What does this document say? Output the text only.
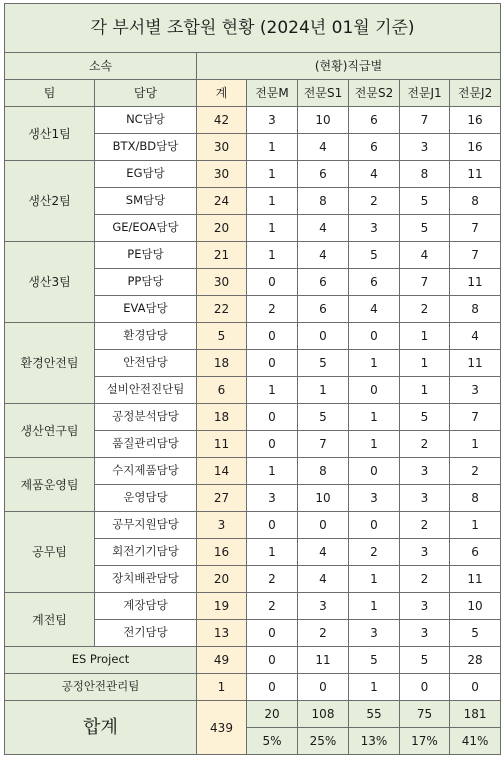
각 부서별 조합원 현황 (2024년 01월 기준)							
소속		(현황)직급별					
팀	담당	계	전문M	전문S1	전문S2	전문J1	전문J2
생산1팀	NC담당	42	3	10	6	7	16
	BTX/BD담당	30	1	4	6	3	16
생산2팀	EG담당	30	1	6	4	8	11
	SM담당	24	1	8	2	5	8
	GE/EOA담당	20	1	4	3	5	7
생산3팀	PE담당	21	1	4	5	4	7
	PP담당	30	0	6	6	7	11
	EVA담당	22	2	6	4	2	8
환경안전팀	환경담당	5	0	0	0	1	4
	안전담당	18	0	5	1	1	11
	설비안전진단팀	6	1	1	0	1	3
생산연구팀	공정분석담당	18	0	5	1	5	7
	품질관리담당	11	0	7	1	2	1
제품운영팀	수지제품담당	14	1	8	0	3	2
	운영담당	27	3	10	3	3	8
공무팀	공무지원담당	3	0	0	0	2	1
	회전기기담당	16	1	4	2	3	6
	장치배관담당	20	2	4	1	2	11
계전팀	계장담당	19	2	3	1	3	10
	전기담당	13	0	2	3	3	5
ES Project		49	0	11	5	5	28
공정안전관리팀		1	0	0	1	0	0
합계		439	20	108	55	75	181
			5%	25%	13%	17%	41%
